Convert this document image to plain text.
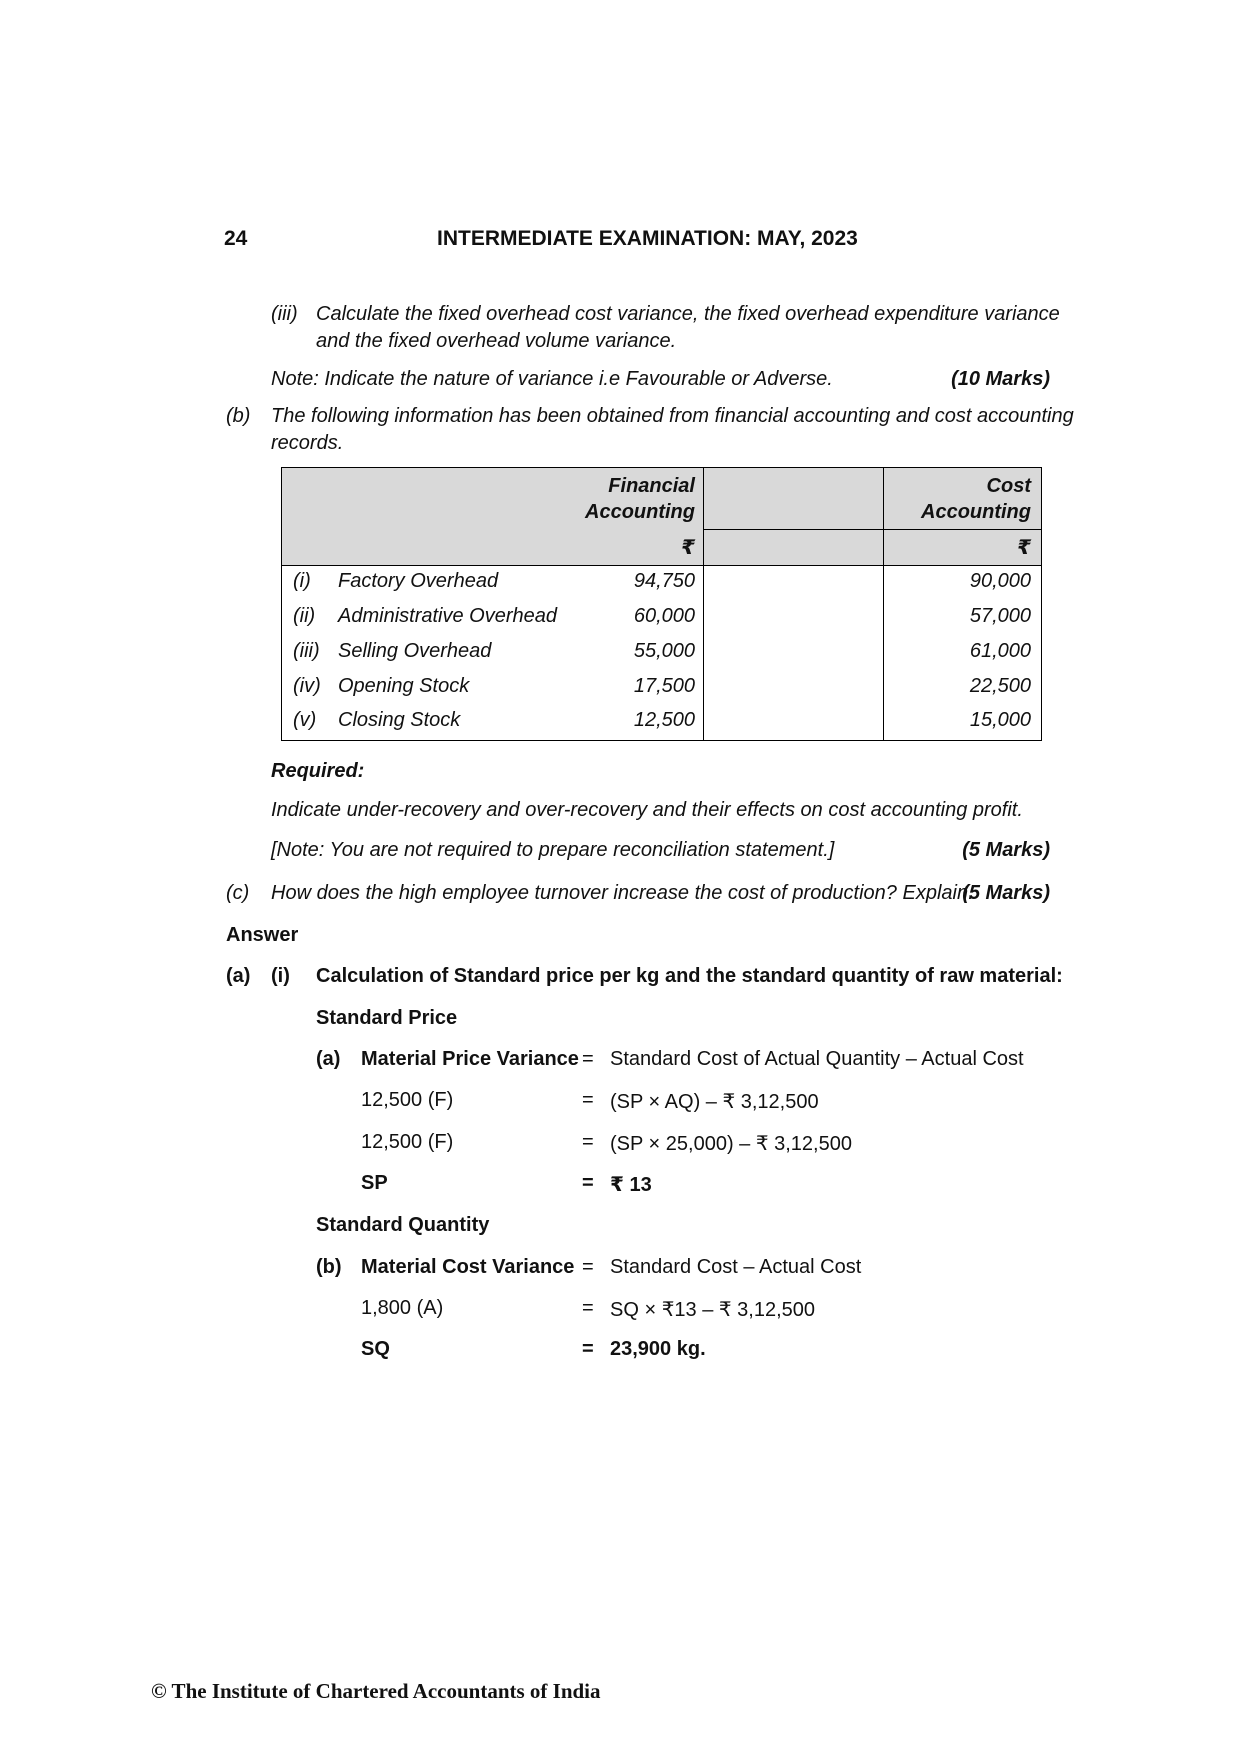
24	INTERMEDIATE EXAMINATION: MAY, 2023
(iii) Calculate the fixed overhead cost variance, the fixed overhead expenditure variance
and the fixed overhead volume variance.
Note: Indicate the nature of variance i.e Favourable or Adverse.	(10 Marks)
(b) The following information has been obtained from financial accounting and cost accounting
records.
Financial
Accounting
Cost
Accounting
₹	₹
(i) Factory Overhead	94,750	90,000
(ii) Administrative Overhead	60,000	57,000
(iii) Selling Overhead	55,000	61,000
(iv) Opening Stock	17,500	22,500
(v) Closing Stock	12,500	15,000
Required:
Indicate under-recovery and over-recovery and their effects on cost accounting profit.
[Note: You are not required to prepare reconciliation statement.]	(5 Marks)
(c) How does the high employee turnover increase the cost of production? Explain.
(5 Marks)
Answer
(a) (i) Calculation of Standard price per kg and the standard quantity of raw material:
Standard Price
(a) Material Price Variance = Standard Cost of Actual Quantity – Actual Cost
12,500 (F)	= (SP × AQ) – ₹ 3,12,500
12,500 (F)	= (SP × 25,000) – ₹ 3,12,500
SP	= ₹ 13
Standard Quantity
(b) Material Cost Variance = Standard Cost – Actual Cost
1,800 (A)	= SQ × ₹13 – ₹ 3,12,500
SQ	= 23,900 kg.
© The Institute of Chartered Accountants of India
